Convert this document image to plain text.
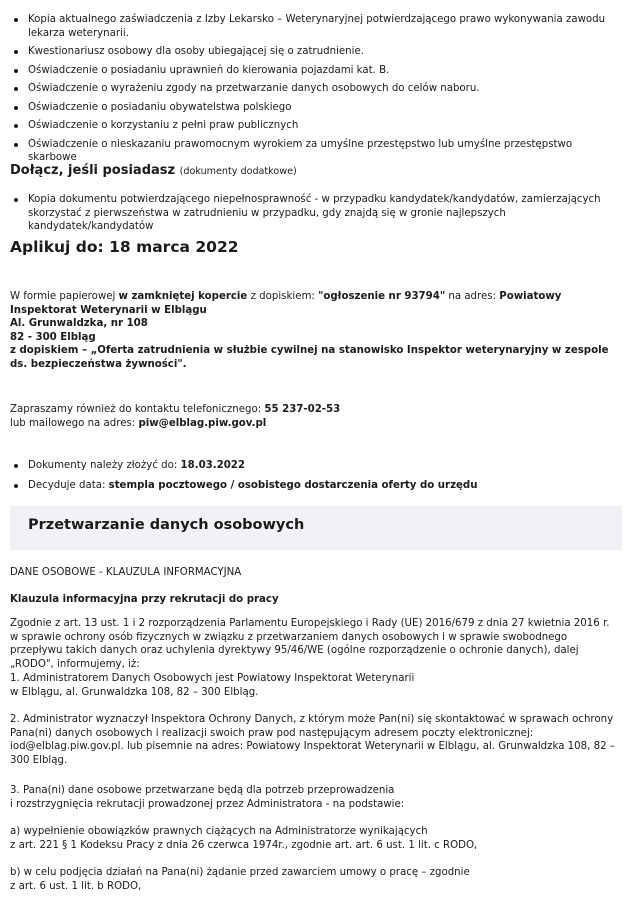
Kopia aktualnego zaświadczenia z Izby Lekarsko – Weterynaryjnej potwierdzającego prawo wykonywania zawodu lekarza weterynarii.
Kwestionariusz osobowy dla osoby ubiegającej się o zatrudnienie.
Oświadczenie o posiadaniu uprawnień do kierowania pojazdami kat. B.
Oświadczenie o wyrażeniu zgody na przetwarzanie danych osobowych do celów naboru.
Oświadczenie o posiadaniu obywatelstwa polskiego
Oświadczenie o korzystaniu z pełni praw publicznych
Oświadczenie o nieskazaniu prawomocnym wyrokiem za umyślne przestępstwo lub umyślne przestępstwo skarbowe
Dołącz, jeśli posiadasz (dokumenty dodatkowe)
Kopia dokumentu potwierdzającego niepełnosprawność - w przypadku kandydatek/kandydatów, zamierzających skorzystać z pierwszeństwa w zatrudnieniu w przypadku, gdy znajdą się w gronie najlepszych kandydatek/kandydatów
Aplikuj do: 18 marca 2022
W formie papierowej w zamkniętej kopercie z dopiskiem: "ogłoszenie nr 93794" na adres: Powiatowy Inspektorat Weterynarii w Elblągu
Al. Grunwaldzka, nr 108
82 - 300 Elbląg
z dopiskiem – „Oferta zatrudnienia w służbie cywilnej na stanowisko Inspektor weterynaryjny w zespole ds. bezpieczeństwa żywności".
Zapraszamy również do kontaktu telefonicznego: 55 237-02-53
lub mailowego na adres: piw@elblag.piw.gov.pl
Dokumenty należy złożyć do: 18.03.2022
Decyduje data: stempla pocztowego / osobistego dostarczenia oferty do urzędu
Przetwarzanie danych osobowych
DANE OSOBOWE - KLAUZULA INFORMACYJNA
Klauzula informacyjna przy rekrutacji do pracy
Zgodnie z art. 13 ust. 1 i 2 rozporządzenia Parlamentu Europejskiego i Rady (UE) 2016/679 z dnia 27 kwietnia 2016 r. w sprawie ochrony osób fizycznych w związku z przetwarzaniem danych osobowych i w sprawie swobodnego przepływu takich danych oraz uchylenia dyrektywy 95/46/WE (ogólne rozporządzenie o ochronie danych), dalej „RODO", informujemy, iż:
1. Administratorem Danych Osobowych jest Powiatowy Inspektorat Weterynarii
w Elblągu, al. Grunwaldzka 108, 82 – 300 Elbląg.
2. Administrator wyznaczył Inspektora Ochrony Danych, z którym może Pan(ni) się skontaktować w sprawach ochrony Pana(ni) danych osobowych i realizacji swoich praw pod następującym adresem poczty elektronicznej: iod@elblag.piw.gov.pl. lub pisemnie na adres: Powiatowy Inspektorat Weterynarii w Elblągu, al. Grunwaldzka 108, 82 – 300 Elbląg.
3. Pana(ni) dane osobowe przetwarzane będą dla potrzeb przeprowadzenia
i rozstrzygnięcia rekrutacji prowadzonej przez Administratora - na podstawie:
a) wypełnienie obowiązków prawnych ciążących na Administratorze wynikających
z art. 221 § 1 Kodeksu Pracy z dnia 26 czerwca 1974r., zgodnie art. art. 6 ust. 1 lit. c RODO,
b) w celu podjęcia działań na Pana(ni) żądanie przed zawarciem umowy o pracę – zgodnie
z art. 6 ust. 1 lit. b RODO,
